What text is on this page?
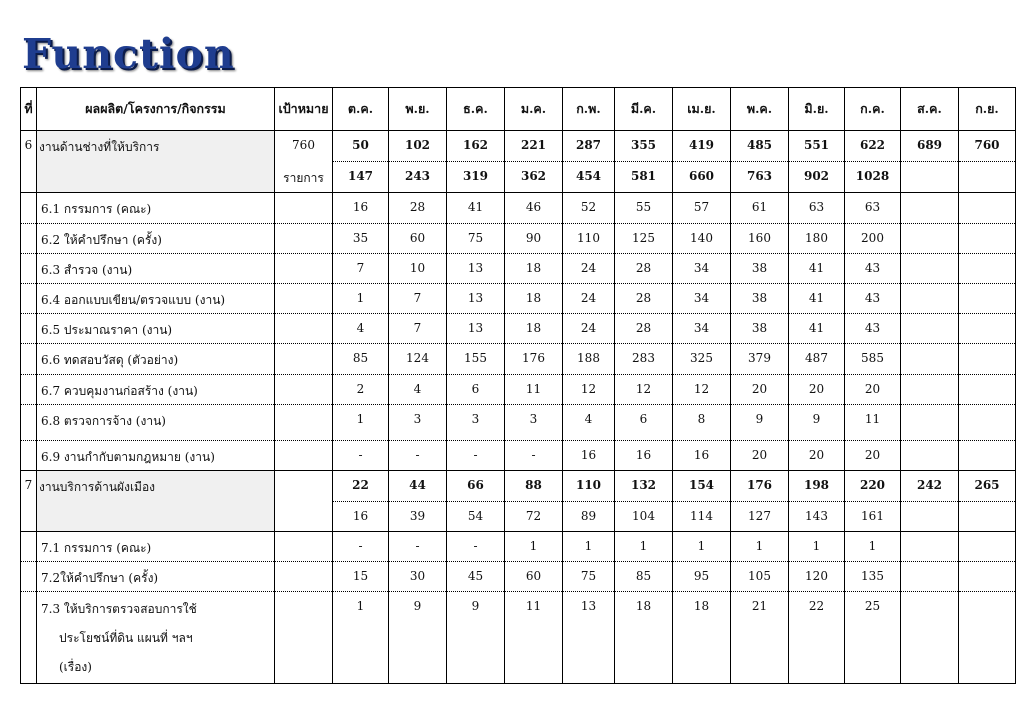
Function
ที่	ผลผลิต/โครงการ/กิจกรรม	เป้าหมาย	ต.ค.	พ.ย.	ธ.ค.	ม.ค.	ก.พ.	มี.ค.	เม.ย.	พ.ค.	มิ.ย.	ก.ค.	ส.ค.	ก.ย.
6	งานด้านช่างที่ให้บริการ	760	50	102	162	221	287	355	419	485	551	622	689	760
		รายการ	147	243	319	362	454	581	660	763	902	1028		
	6.1 กรรมการ (คณะ)		16	28	41	46	52	55	57	61	63	63		
	6.2 ให้คำปรึกษา (ครั้ง)		35	60	75	90	110	125	140	160	180	200		
	6.3 สำรวจ (งาน)		7	10	13	18	24	28	34	38	41	43		
	6.4 ออกแบบเขียน/ตรวจแบบ (งาน)		1	7	13	18	24	28	34	38	41	43		
	6.5 ประมาณราคา (งาน)		4	7	13	18	24	28	34	38	41	43		
	6.6 ทดสอบวัสดุ (ตัวอย่าง)		85	124	155	176	188	283	325	379	487	585		
	6.7 ควบคุมงานก่อสร้าง (งาน)		2	4	6	11	12	12	12	20	20	20		
	6.8 ตรวจการจ้าง (งาน)		1	3	3	3	4	6	8	9	9	11		
	6.9 งานกำกับตามกฎหมาย (งาน)		-	-	-	-	16	16	16	20	20	20		
7	งานบริการด้านผังเมือง		22	44	66	88	110	132	154	176	198	220	242	265
			16	39	54	72	89	104	114	127	143	161		
	7.1 กรรมการ (คณะ)		-	-	-	1	1	1	1	1	1	1		
	7.2ให้คำปรึกษา (ครั้ง)		15	30	45	60	75	85	95	105	120	135		

	7.3 ให้บริการตรวจสอบการใช้
ประโยชน์ที่ดิน แผนที่ ฯลฯ
(เรื่อง)		1	9	9	11	13	18	18	21	22	25		
